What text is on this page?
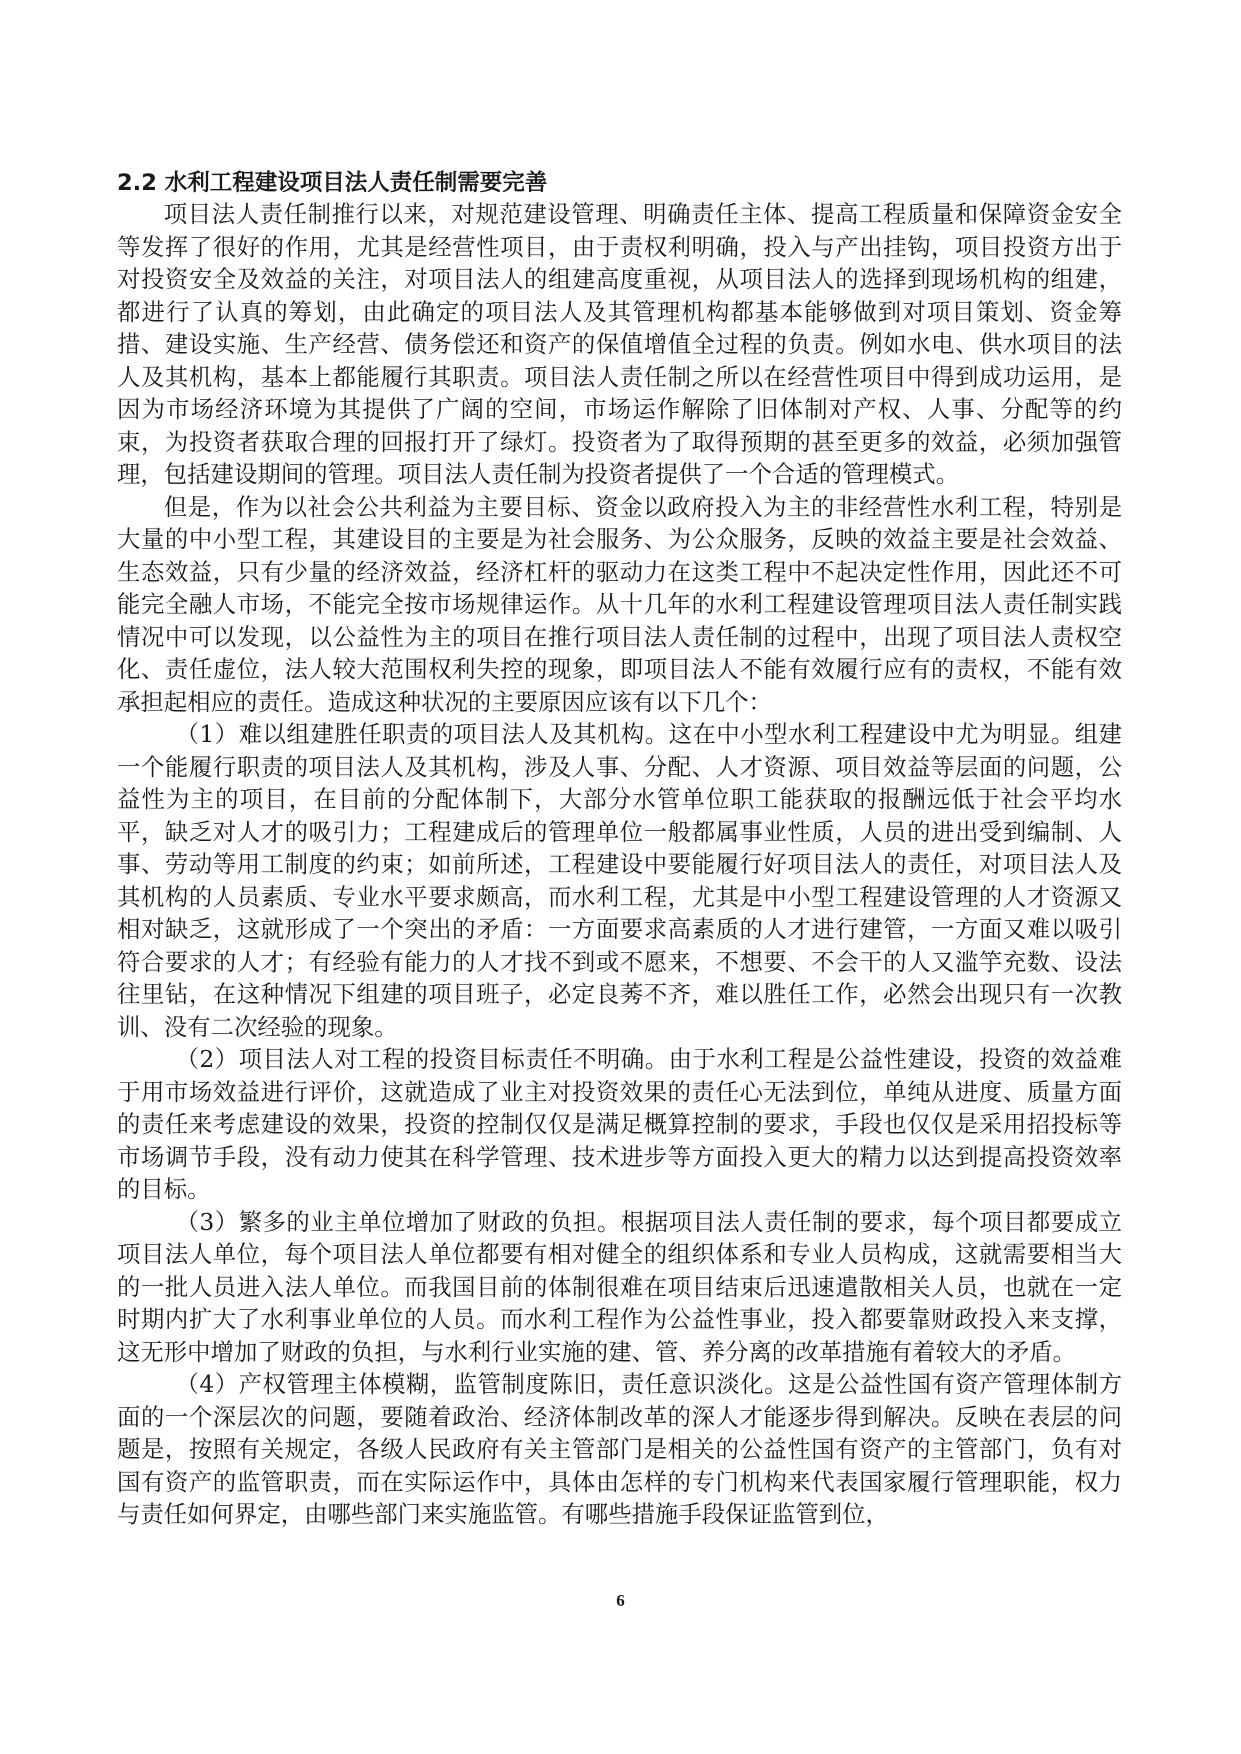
2.2 水利工程建设项目法人责任制需要完善

项目法人责任制推行以来，对规范建设管理、明确责任主体、提高工程质量和保障资金安全等发挥了很好的作用，尤其是经营性项目，由于责权利明确，投入与产出挂钩，项目投资方出于对投资安全及效益的关注，对项目法人的组建高度重视，从项目法人的选择到现场机构的组建，都进行了认真的筹划，由此确定的项目法人及其管理机构都基本能够做到对项目策划、资金筹措、建设实施、生产经营、债务偿还和资产的保值增值全过程的负责。例如水电、供水项目的法人及其机构，基本上都能履行其职责。项目法人责任制之所以在经营性项目中得到成功运用，是因为市场经济环境为其提供了广阔的空间，市场运作解除了旧体制对产权、人事、分配等的约束，为投资者获取合理的回报打开了绿灯。投资者为了取得预期的甚至更多的效益，必须加强管理，包括建设期间的管理。项目法人责任制为投资者提供了一个合适的管理模式。

但是，作为以社会公共利益为主要目标、资金以政府投入为主的非经营性水利工程，特别是大量的中小型工程，其建设目的主要是为社会服务、为公众服务，反映的效益主要是社会效益、生态效益，只有少量的经济效益，经济杠杆的驱动力在这类工程中不起决定性作用，因此还不可能完全融人市场，不能完全按市场规律运作。从十几年的水利工程建设管理项目法人责任制实践情况中可以发现，以公益性为主的项目在推行项目法人责任制的过程中，出现了项目法人责权空化、责任虚位，法人较大范围权利失控的现象，即项目法人不能有效履行应有的责权，不能有效承担起相应的责任。造成这种状况的主要原因应该有以下几个：

（1）难以组建胜任职责的项目法人及其机构。这在中小型水利工程建设中尤为明显。组建一个能履行职责的项目法人及其机构，涉及人事、分配、人才资源、项目效益等层面的问题，公益性为主的项目，在目前的分配体制下，大部分水管单位职工能获取的报酬远低于社会平均水平，缺乏对人才的吸引力；工程建成后的管理单位一般都属事业性质，人员的进出受到编制、人事、劳动等用工制度的约束；如前所述，工程建设中要能履行好项目法人的责任，对项目法人及其机构的人员素质、专业水平要求颇高，而水利工程，尤其是中小型工程建设管理的人才资源又相对缺乏，这就形成了一个突出的矛盾：一方面要求高素质的人才进行建管，一方面又难以吸引符合要求的人才；有经验有能力的人才找不到或不愿来，不想要、不会干的人又滥竽充数、设法往里钻，在这种情况下组建的项目班子，必定良莠不齐，难以胜任工作，必然会出现只有一次教训、没有二次经验的现象。

（2）项目法人对工程的投资目标责任不明确。由于水利工程是公益性建设，投资的效益难于用市场效益进行评价，这就造成了业主对投资效果的责任心无法到位，单纯从进度、质量方面的责任来考虑建设的效果，投资的控制仅仅是满足概算控制的要求，手段也仅仅是采用招投标等市场调节手段，没有动力使其在科学管理、技术进步等方面投入更大的精力以达到提高投资效率的目标。

（3）繁多的业主单位增加了财政的负担。根据项目法人责任制的要求，每个项目都要成立项目法人单位，每个项目法人单位都要有相对健全的组织体系和专业人员构成，这就需要相当大的一批人员进入法人单位。而我国目前的体制很难在项目结束后迅速遣散相关人员，也就在一定时期内扩大了水利事业单位的人员。而水利工程作为公益性事业，投入都要靠财政投入来支撑，这无形中增加了财政的负担，与水利行业实施的建、管、养分离的改革措施有着较大的矛盾。

（4）产权管理主体模糊，监管制度陈旧，责任意识淡化。这是公益性国有资产管理体制方面的一个深层次的问题，要随着政治、经济体制改革的深人才能逐步得到解决。反映在表层的问题是，按照有关规定，各级人民政府有关主管部门是相关的公益性国有资产的主管部门，负有对国有资产的监管职责，而在实际运作中，具体由怎样的专门机构来代表国家履行管理职能，权力与责任如何界定，由哪些部门来实施监管。有哪些措施手段保证监管到位，

6
